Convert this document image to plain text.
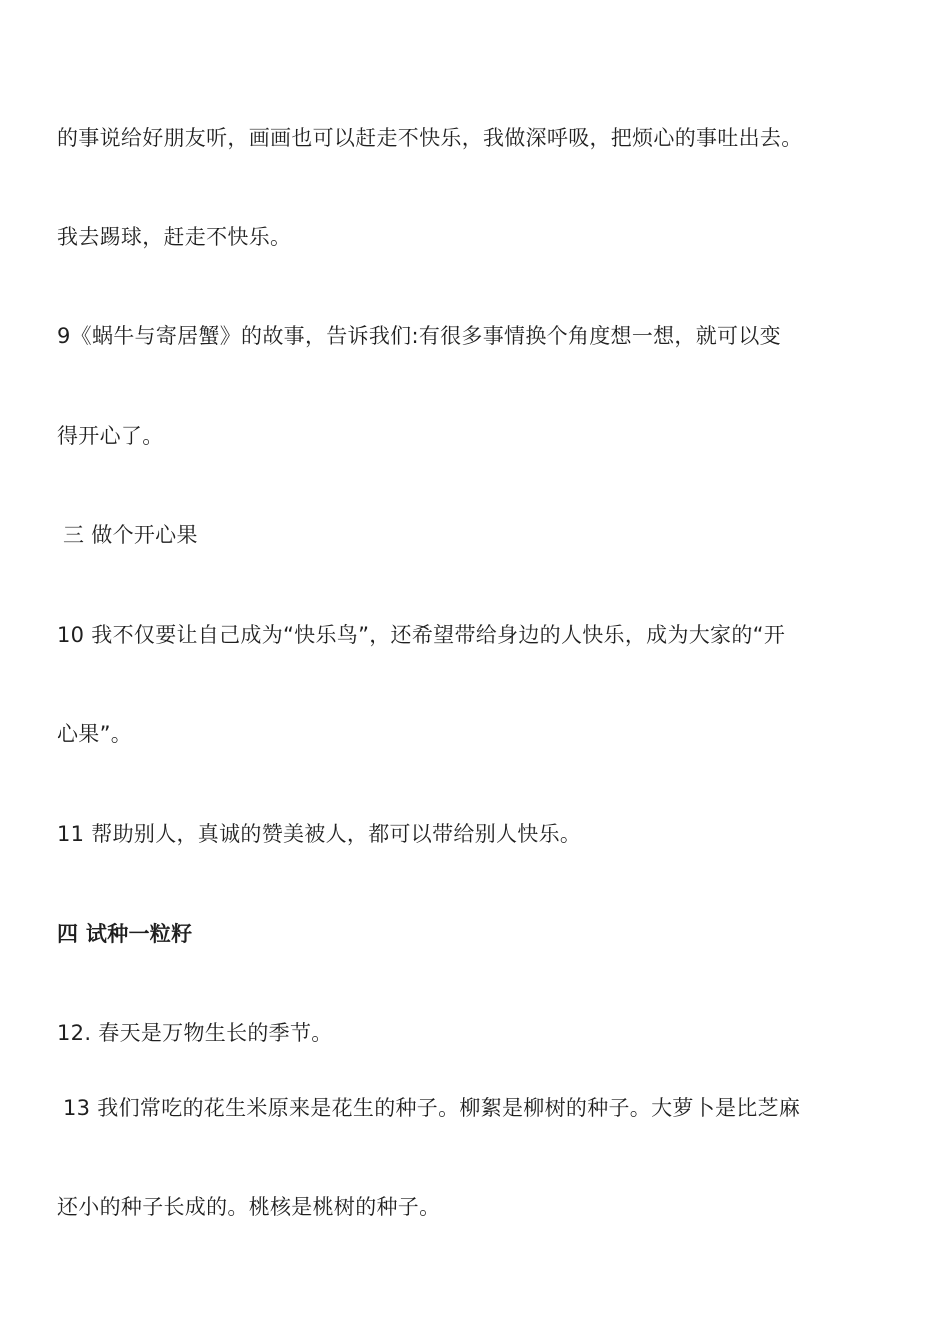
的事说给好朋友听，画画也可以赶走不快乐，我做深呼吸，把烦心的事吐出去。
我去踢球，赶走不快乐。
9《蜗牛与寄居蟹》的故事，告诉我们:有很多事情换个角度想一想，就可以变
得开心了。
三 做个开心果
10 我不仅要让自己成为“快乐鸟”，还希望带给身边的人快乐，成为大家的“开
心果”。
11 帮助别人，真诚的赞美被人，都可以带给别人快乐。
四 试种一粒籽
12. 春天是万物生长的季节。
13 我们常吃的花生米原来是花生的种子。柳絮是柳树的种子。大萝卜是比芝麻
还小的种子长成的。桃核是桃树的种子。
